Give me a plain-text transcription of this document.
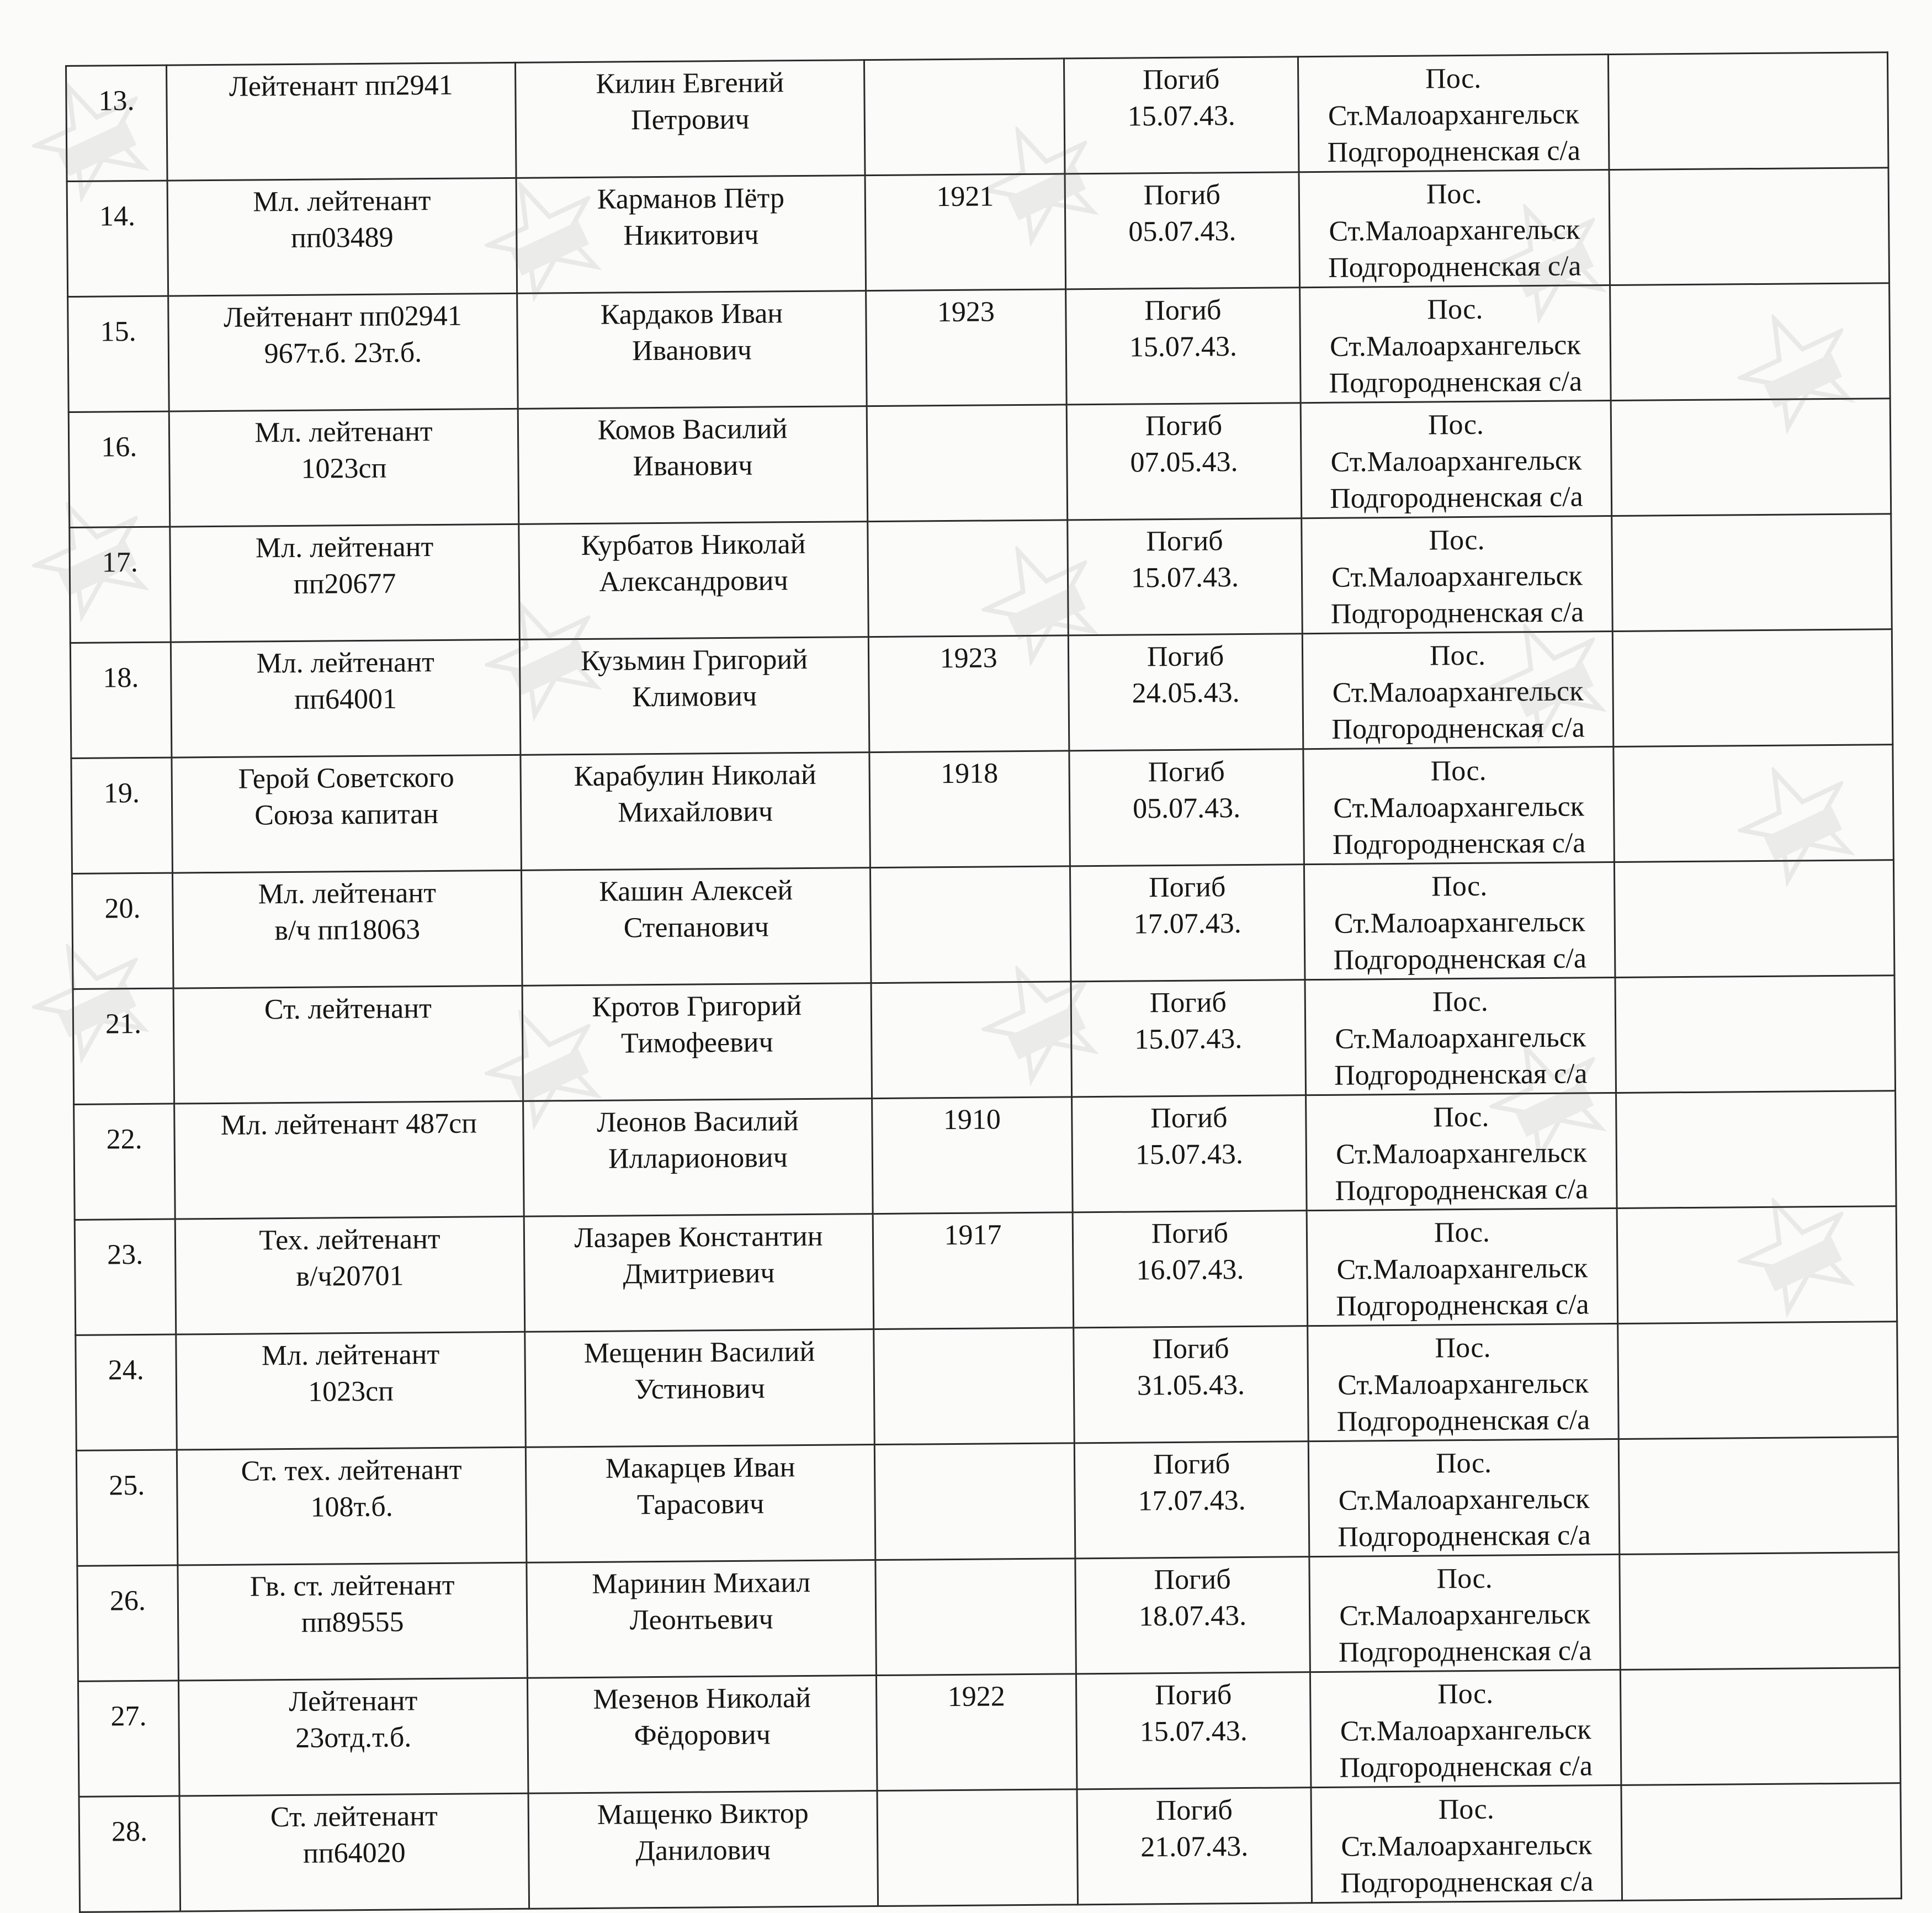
13.	Лейтенант пп2941	Килин Евгений
Петрович		Погиб
15.07.43.	Пос. Ст.Малоархангельск
Подгородненская с/а	

14.	Мл. лейтенант
пп03489	Карманов Пётр
Никитович	1921	Погиб
05.07.43.	Пос. Ст.Малоархангельск
Подгородненская с/а	

15.	Лейтенант пп02941
967т.б. 23т.б.	Кардаков Иван
Иванович	1923	Погиб
15.07.43.	Пос. Ст.Малоархангельск
Подгородненская с/а	

16.	Мл. лейтенант
1023сп	Комов Василий
Иванович		Погиб
07.05.43.	Пос. Ст.Малоархангельск
Подгородненская с/а	

17.	Мл. лейтенант
пп20677	Курбатов Николай
Александрович		Погиб
15.07.43.	Пос. Ст.Малоархангельск
Подгородненская с/а	

18.	Мл. лейтенант
пп64001	Кузьмин Григорий
Климович	1923	Погиб
24.05.43.	Пос. Ст.Малоархангельск
Подгородненская с/а	

19.	Герой Советского
Союза капитан	Карабулин Николай
Михайлович	1918	Погиб
05.07.43.	Пос. Ст.Малоархангельск
Подгородненская с/а	

20.	Мл. лейтенант
в/ч пп18063	Кашин Алексей
Степанович		Погиб
17.07.43.	Пос. Ст.Малоархангельск
Подгородненская с/а	

21.	Ст. лейтенант	Кротов Григорий
Тимофеевич		Погиб
15.07.43.	Пос. Ст.Малоархангельск
Подгородненская с/а	

22.	Мл. лейтенант 487сп	Леонов Василий
Илларионович	1910	Погиб
15.07.43.	Пос. Ст.Малоархангельск
Подгородненская с/а	

23.	Тех. лейтенант
в/ч20701	Лазарев Константин
Дмитриевич	1917	Погиб
16.07.43.	Пос. Ст.Малоархангельск
Подгородненская с/а	

24.	Мл. лейтенант
1023сп	Мещенин Василий
Устинович		Погиб
31.05.43.	Пос. Ст.Малоархангельск
Подгородненская с/а	

25.	Ст. тех. лейтенант
108т.б.	Макарцев Иван
Тарасович		Погиб
17.07.43.	Пос. Ст.Малоархангельск
Подгородненская с/а	

26.	Гв. ст. лейтенант
пп89555	Маринин Михаил
Леонтьевич		Погиб
18.07.43.	Пос. Ст.Малоархангельск
Подгородненская с/а	

27.	Лейтенант
23отд.т.б.	Мезенов Николай
Фёдорович	1922	Погиб
15.07.43.	Пос. Ст.Малоархангельск
Подгородненская с/а	

28.	Ст. лейтенант
пп64020	Мащенко Виктор
Данилович		Погиб
21.07.43.	Пос. Ст.Малоархангельск
Подгородненская с/а	
